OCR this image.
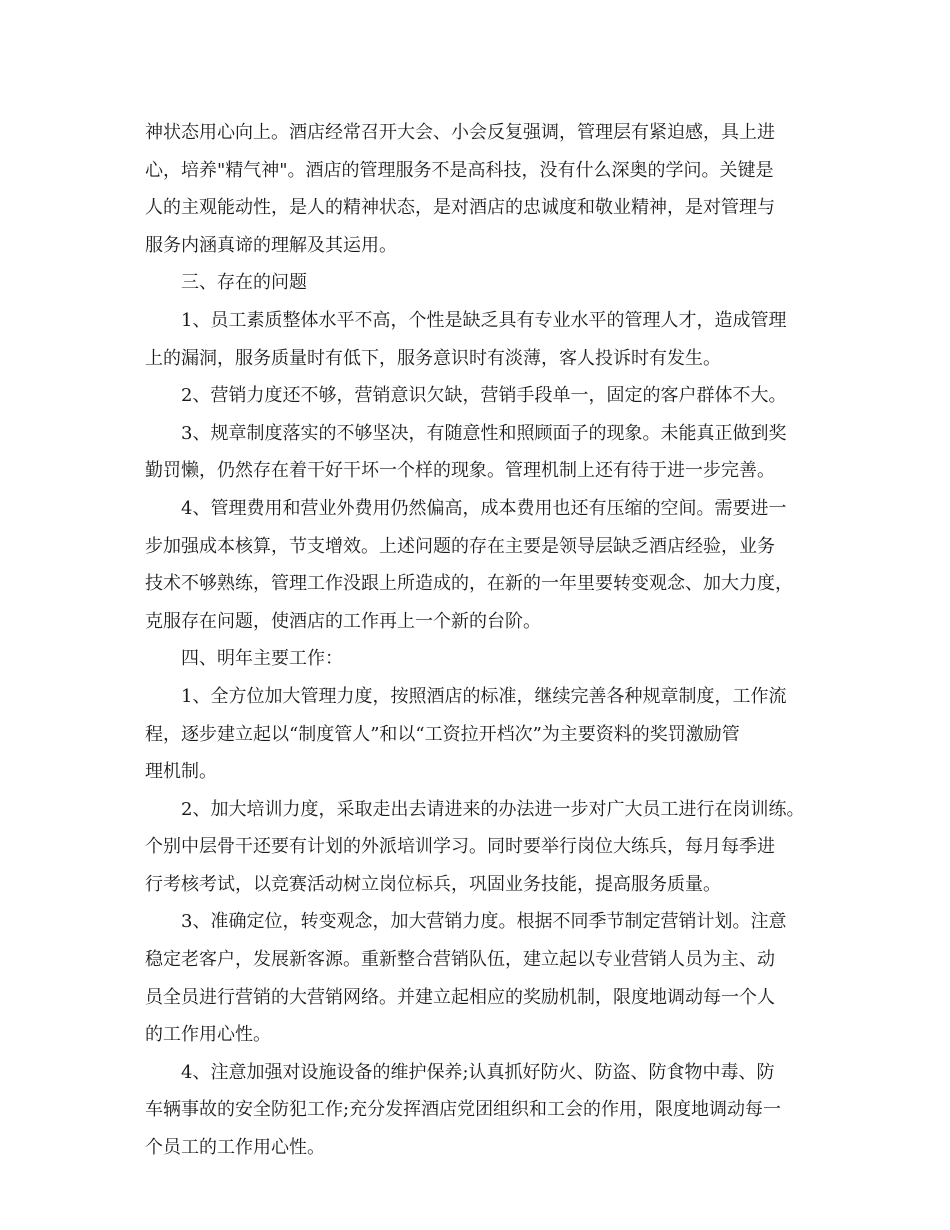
神状态用心向上。酒店经常召开大会、小会反复强调，管理层有紧迫感，具上进
心，培养"精气神"。酒店的管理服务不是高科技，没有什么深奥的学问。关键是
人的主观能动性，是人的精神状态，是对酒店的忠诚度和敬业精神，是对管理与
服务内涵真谛的理解及其运用。
三、存在的问题
1、员工素质整体水平不高，个性是缺乏具有专业水平的管理人才，造成管理
上的漏洞，服务质量时有低下，服务意识时有淡薄，客人投诉时有发生。
2、营销力度还不够，营销意识欠缺，营销手段单一，固定的客户群体不大。
3、规章制度落实的不够坚决，有随意性和照顾面子的现象。未能真正做到奖
勤罚懒，仍然存在着干好干坏一个样的现象。管理机制上还有待于进一步完善。
4、管理费用和营业外费用仍然偏高，成本费用也还有压缩的空间。需要进一
步加强成本核算，节支增效。上述问题的存在主要是领导层缺乏酒店经验，业务
技术不够熟练，管理工作没跟上所造成的，在新的一年里要转变观念、加大力度，
克服存在问题，使酒店的工作再上一个新的台阶。
四、明年主要工作：
1、全方位加大管理力度，按照酒店的标准，继续完善各种规章制度，工作流
程，逐步建立起以“制度管人”和以“工资拉开档次”为主要资料的奖罚激励管
理机制。
2、加大培训力度，采取走出去请进来的办法进一步对广大员工进行在岗训练。
个别中层骨干还要有计划的外派培训学习。同时要举行岗位大练兵，每月每季进
行考核考试，以竞赛活动树立岗位标兵，巩固业务技能，提高服务质量。
3、准确定位，转变观念，加大营销力度。根据不同季节制定营销计划。注意
稳定老客户，发展新客源。重新整合营销队伍，建立起以专业营销人员为主、动
员全员进行营销的大营销网络。并建立起相应的奖励机制，限度地调动每一个人
的工作用心性。
4、注意加强对设施设备的维护保养;认真抓好防火、防盗、防食物中毒、防
车辆事故的安全防犯工作;充分发挥酒店党团组织和工会的作用，限度地调动每一
个员工的工作用心性。
